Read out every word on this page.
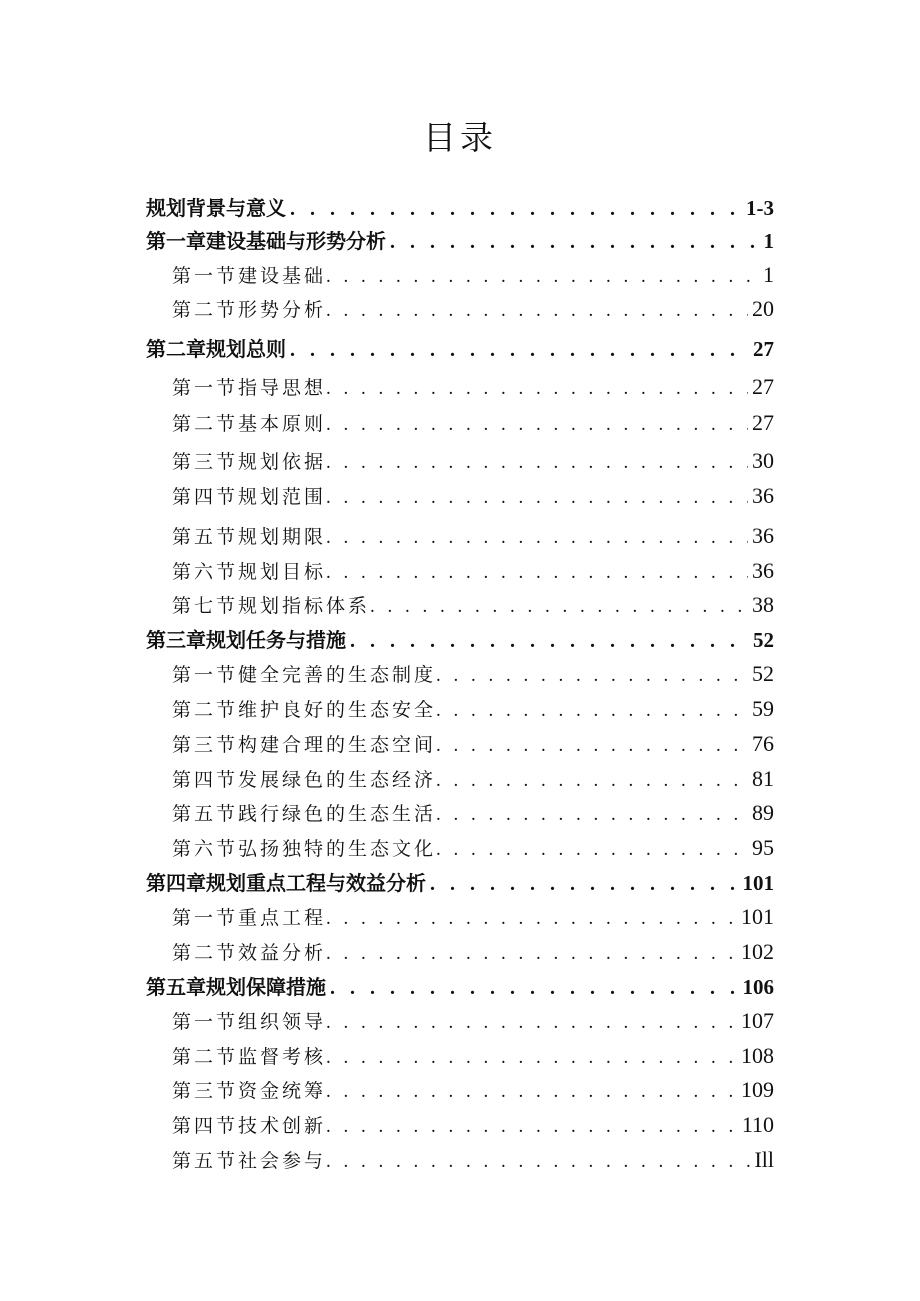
目录
规划背景与意义 . . .	1-3
第一章建设基础与形势分析 . . .	1
第一节建设基础 . . .	1
第二节形势分析 . . .	20
第二章规划总则 . . .	27
第一节指导思想 . . .	27
第二节基本原则 . . .	27
第三节规划依据 . . .	30
第四节规划范围 . . .	36
第五节规划期限 . . .	36
第六节规划目标 . . .	36
第七节规划指标体系 . . .	38
第三章规划任务与措施 . . .	52
第一节健全完善的生态制度 . . .	52
第二节维护良好的生态安全 . . .	59
第三节构建合理的生态空间 . . .	76
第四节发展绿色的生态经济 . . .	81
第五节践行绿色的生态生活 . . .	89
第六节弘扬独特的生态文化 . . .	95
第四章规划重点工程与效益分析 . . .	101
第一节重点工程 . . .	101
第二节效益分析 . . .	102
第五章规划保障措施 . . .	106
第一节组织领导 . . .	107
第二节监督考核 . . .	108
第三节资金统筹 . . .	109
第四节技术创新 . . .	110
第五节社会参与 . . .	Ill
